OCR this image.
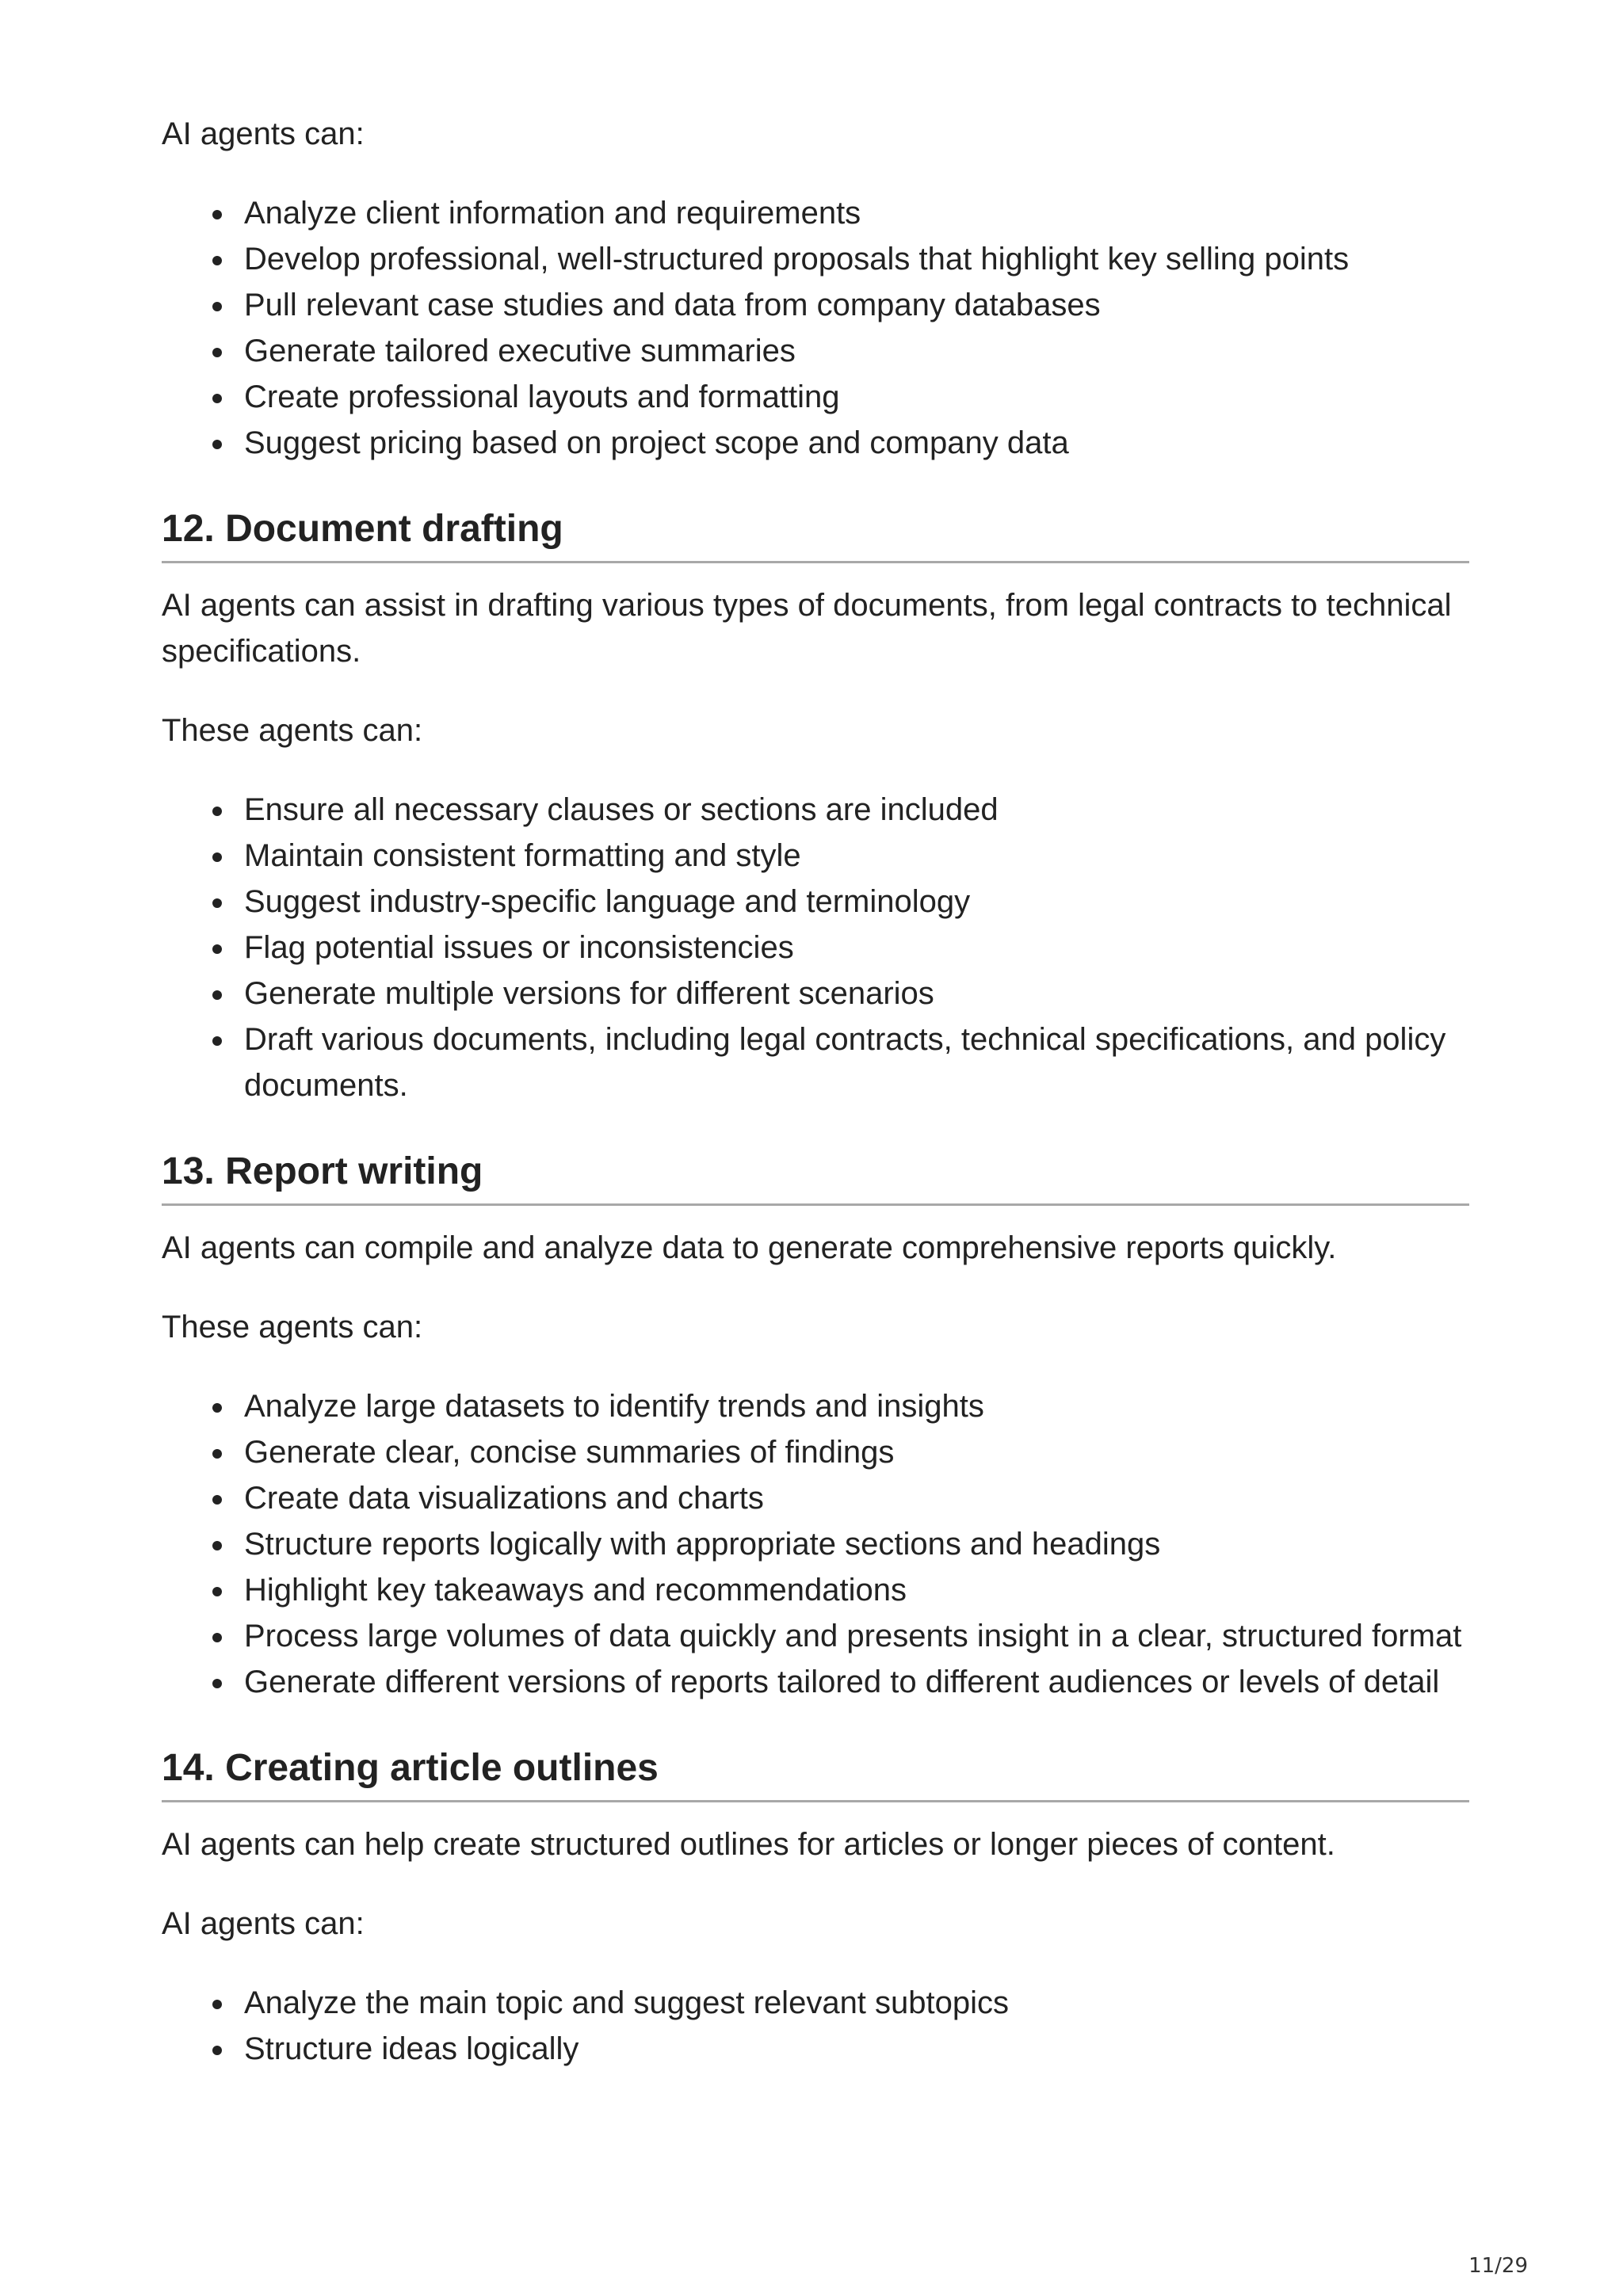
AI agents can:

Analyze client information and requirements
Develop professional, well-structured proposals that highlight key selling points
Pull relevant case studies and data from company databases
Generate tailored executive summaries
Create professional layouts and formatting
Suggest pricing based on project scope and company data
12. Document drafting

AI agents can assist in drafting various types of documents, from legal contracts to technical specifications.

These agents can:

Ensure all necessary clauses or sections are included
Maintain consistent formatting and style
Suggest industry-specific language and terminology
Flag potential issues or inconsistencies
Generate multiple versions for different scenarios
Draft various documents, including legal contracts, technical specifications, and policy documents.
13. Report writing

AI agents can compile and analyze data to generate comprehensive reports quickly.

These agents can:

Analyze large datasets to identify trends and insights
Generate clear, concise summaries of findings
Create data visualizations and charts
Structure reports logically with appropriate sections and headings
Highlight key takeaways and recommendations
Process large volumes of data quickly and presents insight in a clear, structured format
Generate different versions of reports tailored to different audiences or levels of detail
14. Creating article outlines

AI agents can help create structured outlines for articles or longer pieces of content.

AI agents can:

Analyze the main topic and suggest relevant subtopics
Structure ideas logically
11/29
